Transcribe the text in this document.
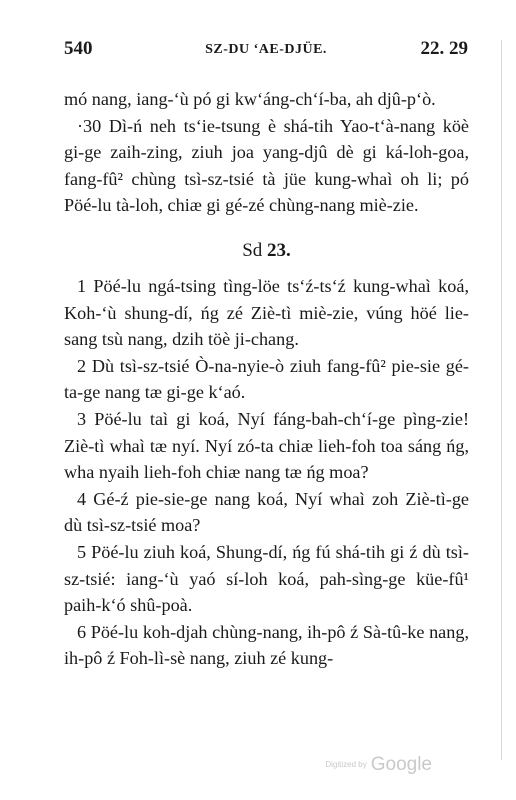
540	SZ-DU ‘AE-DJÜE.	22. 29

mó nang, iang-‘ù pó gi kw‘áng-ch‘í-ba, ah djû-p‘ò.

·30 Dì-ń neh ts‘ie-tsung è shá-tih Yao-t‘à-nang köè gi-ge zaih-zing, ziuh joa yang-djû dè gi ká-loh-goa, fang-fû² chùng tsì-sz-tsié tà jüe kung-whaì oh li; pó Pöé-lu tà-loh, chiæ gi gé-zé chùng-nang miè-zie.

Sd 23.

1 Pöé-lu ngá-tsing tìng-löe ts‘ź-ts‘ź kung-whaì koá, Koh-‘ù shung-dí, ńg zé Ziè-tì miè-zie, vúng höé lie-sang tsù nang, dzih töè ji-chang.

2 Dù tsì-sz-tsié Ò-na-nyie-ò ziuh fang-fû² pie-sie gé-ta-ge nang tæ gi-ge k‘aó.

3 Pöé-lu taì gi koá, Nyí fáng-bah-ch‘í-ge pìng-zie! Ziè-tì whaì tæ nyí. Nyí zó-ta chiæ lieh-foh toa sáng ńg, wha nyaih lieh-foh chiæ nang tæ ńg moa?

4 Gé-ź pie-sie-ge nang koá, Nyí whaì zoh Ziè-tì-ge dù tsì-sz-tsié moa?

5 Pöé-lu ziuh koá, Shung-dí, ńg fú shá-tih gi ź dù tsì-sz-tsié: iang-‘ù yaó sí-loh koá, pah-sìng-ge küe-fû¹ paih-k‘ó shû-poà.

6 Pöé-lu koh-djah chùng-nang, ih-pô ź Sà-tû-ke nang, ih-pô ź Foh-lì-sè nang, ziuh zé kung-

Digitized by Google
